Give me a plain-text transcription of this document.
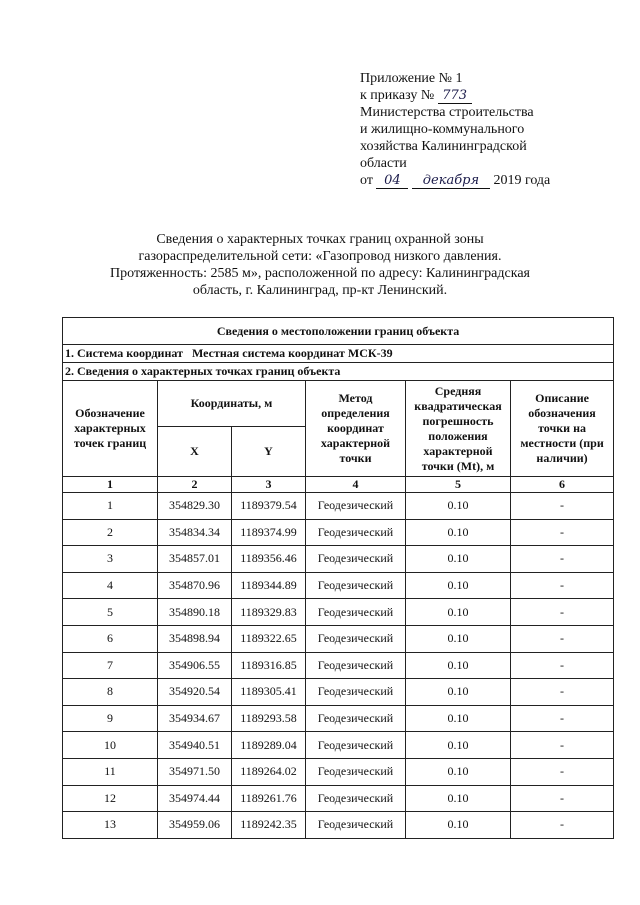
Приложение № 1
к приказу № 773
Министерства строительства
и жилищно-коммунального
хозяйства Калининградской
области
от 04 декабря 2019 года
Сведения о характерных точках границ охранной зоны
газораспределительной сети: «Газопровод низкого давления.
Протяженность: 2585 м», расположенной по адресу: Калининградская
область, г. Калининград, пр-кт Ленинский.
Сведения о местоположении границ объекта					
1. Система координат Местная система координат МСК-39					
2. Сведения о характерных точках границ объекта					
Обозначение характерных точек границ	Координаты, м		Метод определения координат характерной точки	Средняя квадратическая погрешность положения характерной точки (Mt), м	Описание обозначения точки на местности (при наличии)
	X	Y			
1	2	3	4	5	6
1	354829.30	1189379.54	Геодезический	0.10	-
2	354834.34	1189374.99	Геодезический	0.10	-
3	354857.01	1189356.46	Геодезический	0.10	-
4	354870.96	1189344.89	Геодезический	0.10	-
5	354890.18	1189329.83	Геодезический	0.10	-
6	354898.94	1189322.65	Геодезический	0.10	-
7	354906.55	1189316.85	Геодезический	0.10	-
8	354920.54	1189305.41	Геодезический	0.10	-
9	354934.67	1189293.58	Геодезический	0.10	-
10	354940.51	1189289.04	Геодезический	0.10	-
11	354971.50	1189264.02	Геодезический	0.10	-
12	354974.44	1189261.76	Геодезический	0.10	-
13	354959.06	1189242.35	Геодезический	0.10	-
